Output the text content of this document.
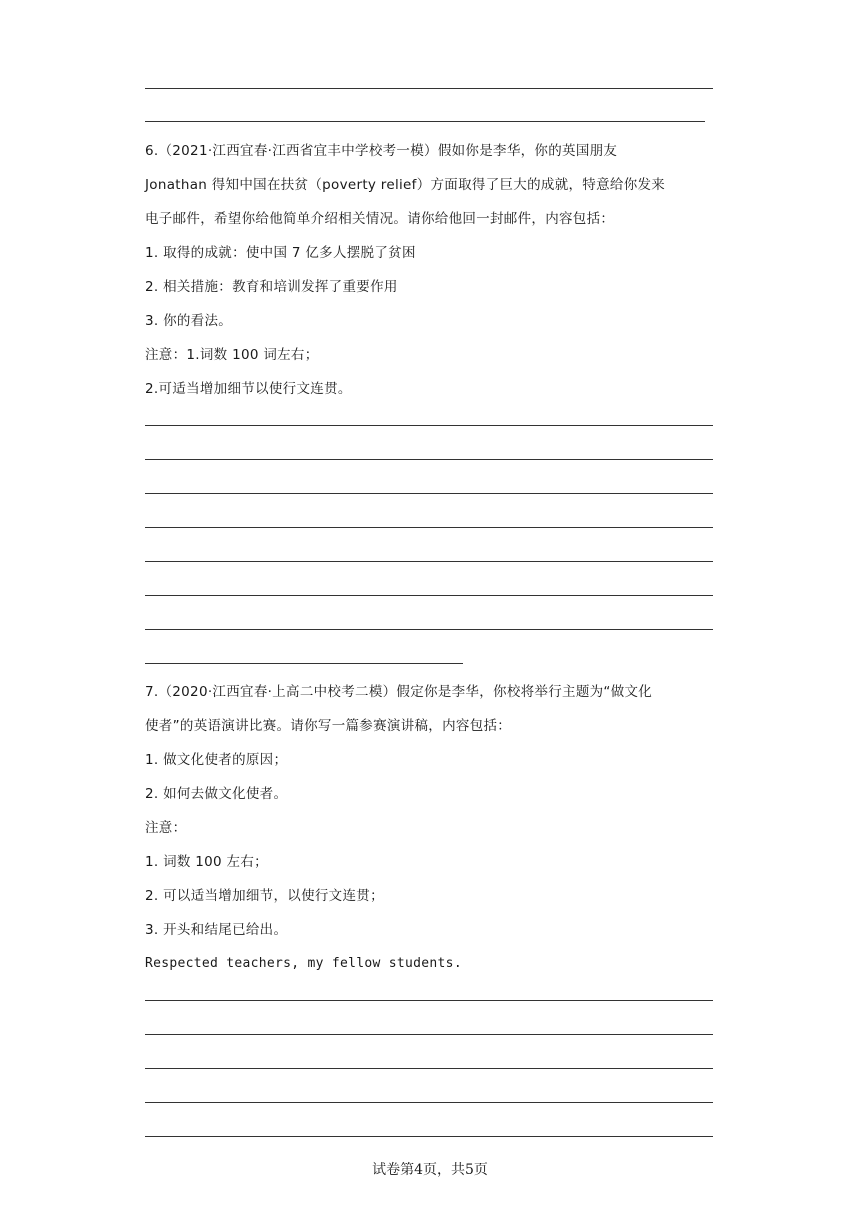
6.（2021·江西宜春·江西省宜丰中学校考一模）假如你是李华，你的英国朋友
Jonathan 得知中国在扶贫（poverty relief）方面取得了巨大的成就，特意给你发来
电子邮件，希望你给他简单介绍相关情况。请你给他回一封邮件，内容包括：
1. 取得的成就：使中国 7 亿多人摆脱了贫困
2. 相关措施：教育和培训发挥了重要作用
3. 你的看法。
注意：1.词数 100 词左右；
2.可适当增加细节以使行文连贯。
7.（2020·江西宜春·上高二中校考二模）假定你是李华，你校将举行主题为“做文化
使者”的英语演讲比赛。请你写一篇参赛演讲稿，内容包括：
1. 做文化使者的原因；
2. 如何去做文化使者。
注意：
1. 词数 100 左右；
2. 可以适当增加细节，以使行文连贯；
3. 开头和结尾已给出。
Respected teachers, my fellow students.
试卷第4页，共5页
